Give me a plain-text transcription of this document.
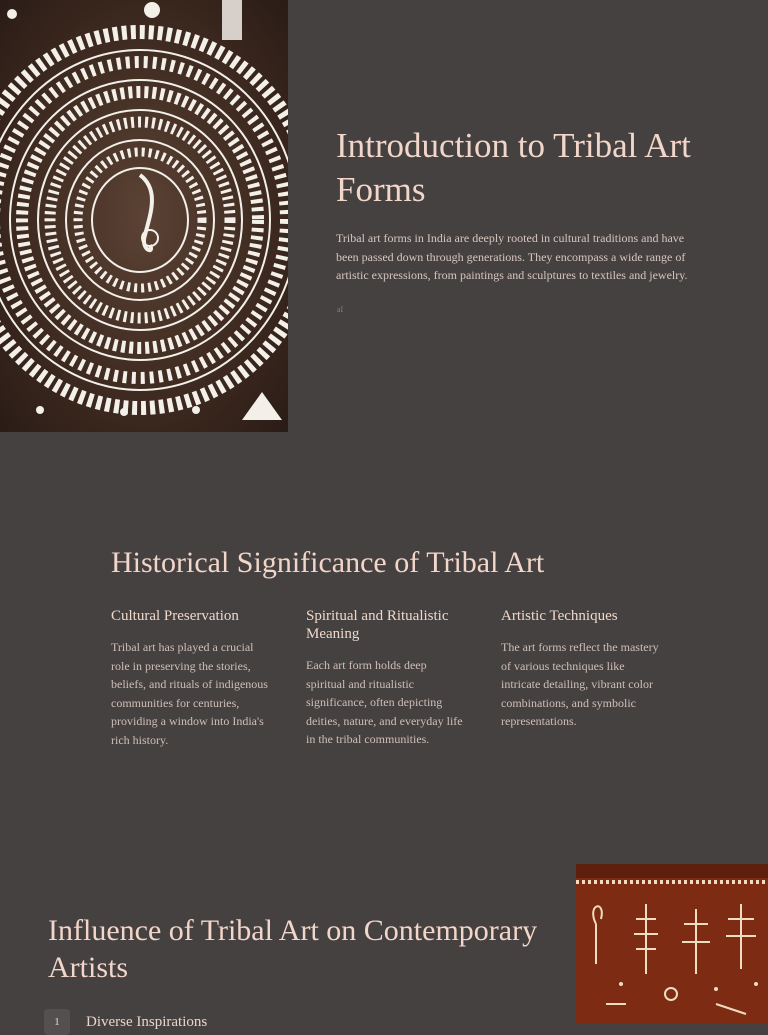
Introduction to Tribal Art Forms

Tribal art forms in India are deeply rooted in cultural traditions and have been passed down through generations. They encompass a wide range of artistic expressions, from paintings and sculptures to textiles and jewelry.

aI
Historical Significance of Tribal Art
Cultural Preservation

Tribal art has played a crucial role in preserving the stories, beliefs, and rituals of indigenous communities for centuries, providing a window into India's rich history.

Spiritual and Ritualistic Meaning

Each art form holds deep spiritual and ritualistic significance, often depicting deities, nature, and everyday life in the tribal communities.

Artistic Techniques

The art forms reflect the mastery of various techniques like intricate detailing, vibrant color combinations, and symbolic representations.

Influence of Tribal Art on Contemporary Artists
1	Diverse Inspirations
